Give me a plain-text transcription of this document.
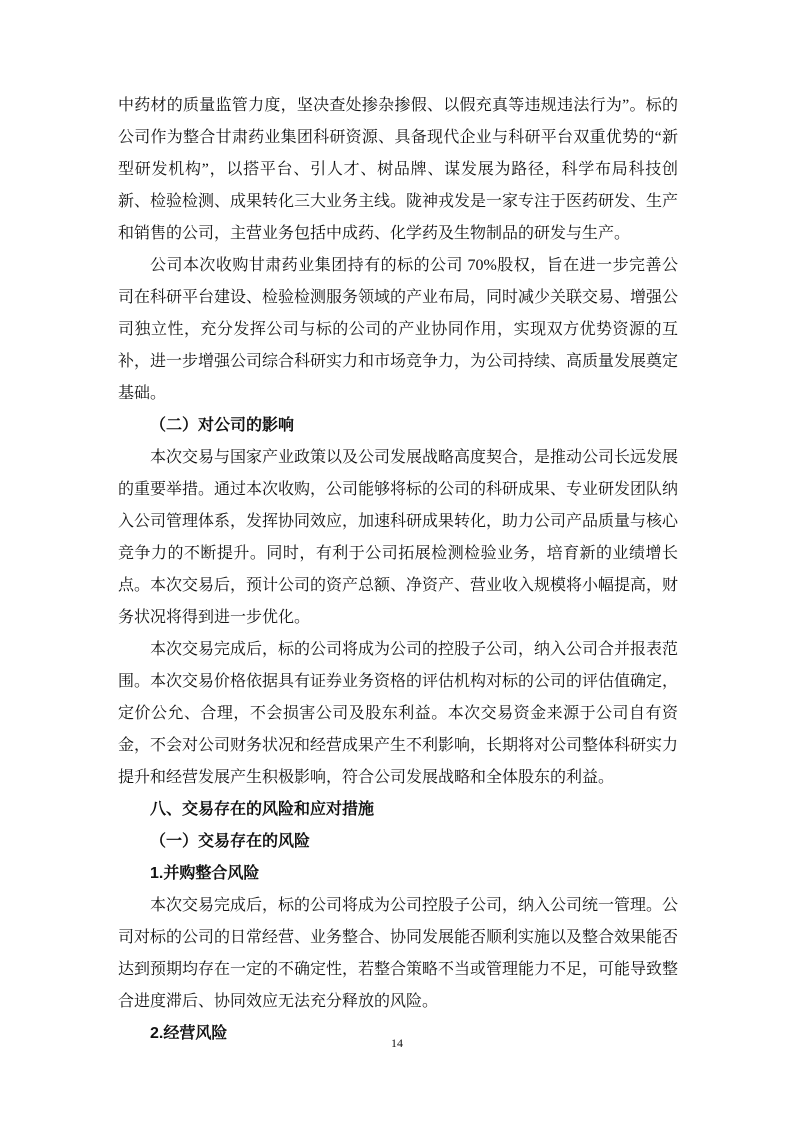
中药材的质量监管力度，坚决查处掺杂掺假、以假充真等违规违法行为”。标的公司作为整合甘肃药业集团科研资源、具备现代企业与科研平台双重优势的“新型研发机构”，以搭平台、引人才、树品牌、谋发展为路径，科学布局科技创新、检验检测、成果转化三大业务主线。陇神戎发是一家专注于医药研发、生产和销售的公司，主营业务包括中成药、化学药及生物制品的研发与生产。

公司本次收购甘肃药业集团持有的标的公司 70%股权，旨在进一步完善公司在科研平台建设、检验检测服务领域的产业布局，同时减少关联交易、增强公司独立性，充分发挥公司与标的公司的产业协同作用，实现双方优势资源的互补，进一步增强公司综合科研实力和市场竞争力，为公司持续、高质量发展奠定基础。

（二）对公司的影响

本次交易与国家产业政策以及公司发展战略高度契合，是推动公司长远发展的重要举措。通过本次收购，公司能够将标的公司的科研成果、专业研发团队纳入公司管理体系，发挥协同效应，加速科研成果转化，助力公司产品质量与核心竞争力的不断提升。同时，有利于公司拓展检测检验业务，培育新的业绩增长点。本次交易后，预计公司的资产总额、净资产、营业收入规模将小幅提高，财务状况将得到进一步优化。

本次交易完成后，标的公司将成为公司的控股子公司，纳入公司合并报表范围。本次交易价格依据具有证券业务资格的评估机构对标的公司的评估值确定，定价公允、合理，不会损害公司及股东利益。本次交易资金来源于公司自有资金，不会对公司财务状况和经营成果产生不利影响，长期将对公司整体科研实力提升和经营发展产生积极影响，符合公司发展战略和全体股东的利益。

八、交易存在的风险和应对措施

（一）交易存在的风险

1.并购整合风险

本次交易完成后，标的公司将成为公司控股子公司，纳入公司统一管理。公司对标的公司的日常经营、业务整合、协同发展能否顺利实施以及整合效果能否达到预期均存在一定的不确定性，若整合策略不当或管理能力不足，可能导致整合进度滞后、协同效应无法充分释放的风险。

2.经营风险

14
